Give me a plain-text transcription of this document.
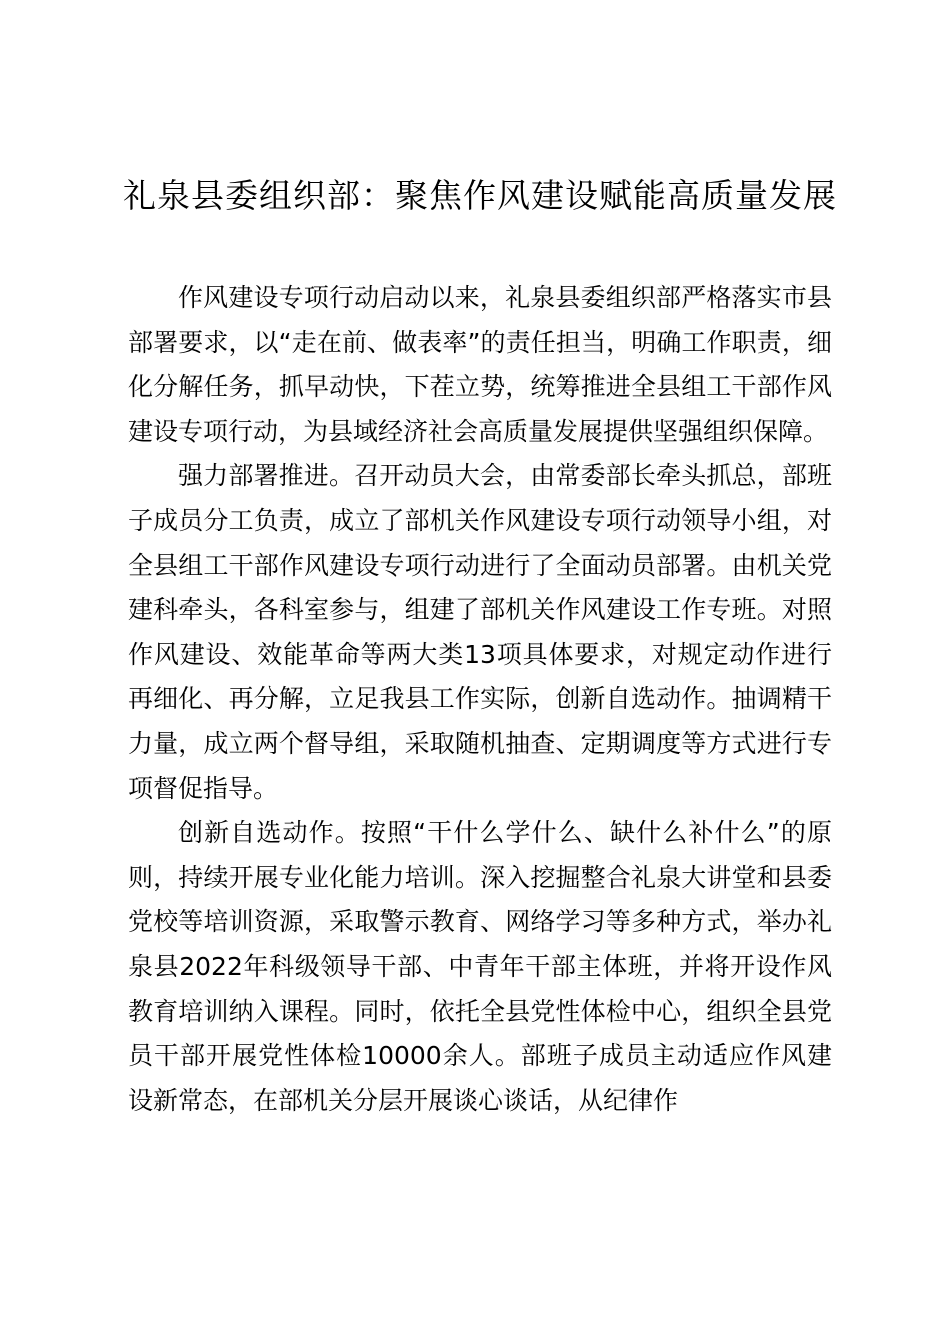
礼泉县委组织部：聚焦作风建设赋能高质量发展

作风建设专项行动启动以来，礼泉县委组织部严格落实市县部署要求，以“走在前、做表率”的责任担当，明确工作职责，细化分解任务，抓早动快，下茬立势，统筹推进全县组工干部作风建设专项行动，为县域经济社会高质量发展提供坚强组织保障。

强力部署推进。召开动员大会，由常委部长牵头抓总，部班子成员分工负责，成立了部机关作风建设专项行动领导小组，对全县组工干部作风建设专项行动进行了全面动员部署。由机关党建科牵头，各科室参与，组建了部机关作风建设工作专班。对照作风建设、效能革命等两大类13项具体要求，对规定动作进行再细化、再分解，立足我县工作实际，创新自选动作。抽调精干力量，成立两个督导组，采取随机抽查、定期调度等方式进行专项督促指导。

创新自选动作。按照“干什么学什么、缺什么补什么”的原则，持续开展专业化能力培训。深入挖掘整合礼泉大讲堂和县委党校等培训资源，采取警示教育、网络学习等多种方式，举办礼泉县2022年科级领导干部、中青年干部主体班，并将开设作风教育培训纳入课程。同时，依托全县党性体检中心，组织全县党员干部开展党性体检10000余人。部班子成员主动适应作风建设新常态，在部机关分层开展谈心谈话，从纪律作
